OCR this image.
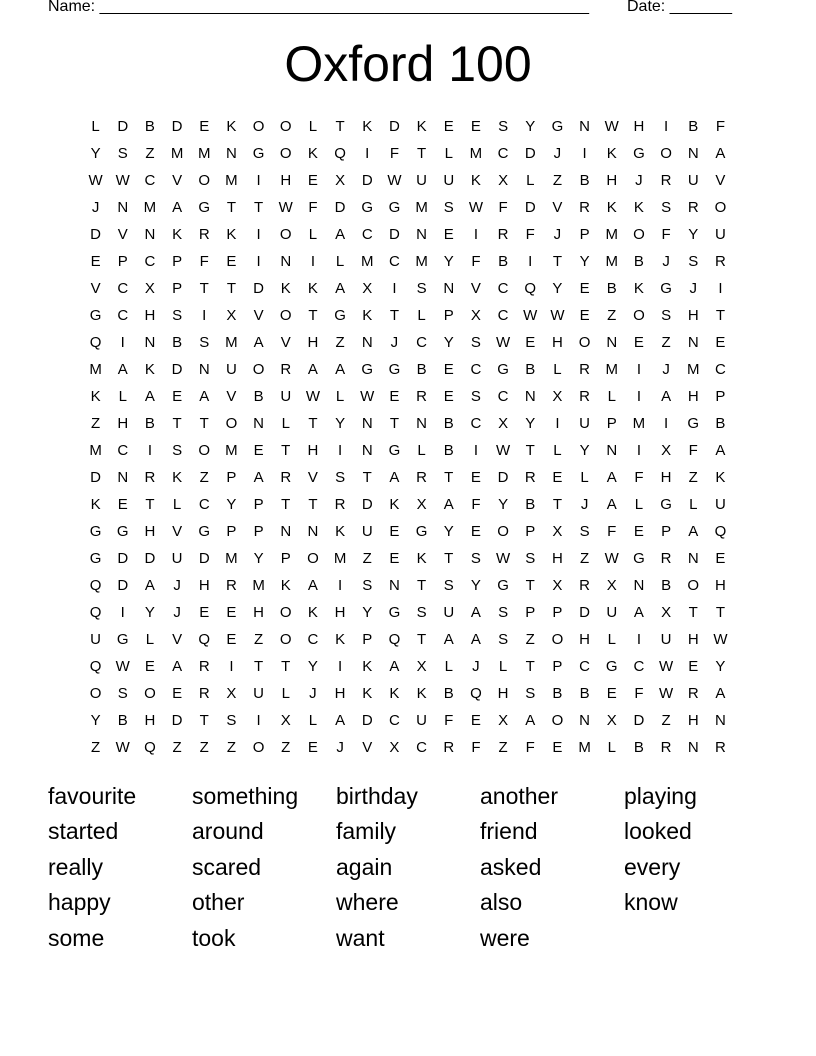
Name: _______________________________________________________ Date: _______
Oxford 100
L	D	B	D	E	K	O	O	L	T	K	D	K	E	E	S	Y	G	N W H	I	B	F
Y	S	Z	M M	N	G	O	K	Q	I	F	T	L	M	C	D	J	I	K	G	O	N	A
W W C	V	O	M	I	H	E	X	D W U	U	K	X	L	Z	B	H	J	R	U	V
J	N	M	A	G	T	T	W	F	D	G	G	M	S	W	F	D	V	R	K	K	S	R	O
D	V	N	K	R	K	I	O	L	A	C	D	N	E	I	R	F	J	P	M	O	F	Y	U
E	P	C	P	F	E	I	N	I	L	M	C	M	Y	F	B	I	T	Y	M	B	J	S	R
V	C	X	P	T	T	D	K	K	A	X	I	S	N	V	C	Q	Y	E	B	K	G	J	I
G	C	H	S	I	X	V	O	T	G	K	T	L	P	X	C W W	E	Z	O	S	H	T
Q	I	N	B	S	M	A	V	H	Z	N	J	C	Y	S	W	E	H	O	N	E	Z	N	E
M	A	K	D	N	U	O	R	A	A	G	G	B	E	C	G	B	L	R	M	I	J	M	C
K	L	A	E	A	V	B	U W	L	W	E	R	E	S	C	N	X	R	L	I	A	H	P
Z	H	B	T	T	O	N	L	T	Y	N	T	N	B	C	X	Y	I	U	P	M	I	G	B
M	C	I	S	O	M	E	T	H	I	N	G	L	B	I	W	T	L	Y	N	I	X	F	A
D	N	R	K	Z	P	A	R	V	S	T	A	R	T	E	D	R	E	L	A	F	H	Z	K
K	E	T	L	C	Y	P	T	T	R	D	K	X	A	F	Y	B	T	J	A	L	G	L	U
G	G	H	V	G	P	P	N	N	K	U	E	G	Y	E	O	P	X	S	F	E	P	A	Q
G	D	D	U	D	M	Y	P	O	M	Z	E	K	T	S	W	S	H	Z	W G	R	N	E
Q	D	A	J	H	R	M	K	A	I	S	N	T	S	Y	G	T	X	R	X	N	B	O	H
Q	I	Y	J	E	E	H	O	K	H	Y	G	S	U	A	S	P	P	D	U	A	X	T	T
U	G	L	V	Q	E	Z	O	C	K	P	Q	T	A	A	S	Z	O	H	L	I	U	H W
Q W	E	A	R	I	T	T	Y	I	K	A	X	L	J	L	T	P	C	G	C W	E	Y
O	S	O	E	R	X	U	L	J	H	K	K	K	B	Q	H	S	B	B	E	F	W R	A
Y	B	H	D	T	S	I	X	L	A	D	C	U	F	E	X	A	O	N	X	D	Z	H	N
Z	W Q	Z	Z	Z	O	Z	E	J	V	X	C	R	F	Z	F	E	M	L	B	R	N	R
favourite	something	birthday	another	playing
started	around	family	friend	looked
really	scared	again	asked	every
happy	other	where	also	know
some	took	want	were
